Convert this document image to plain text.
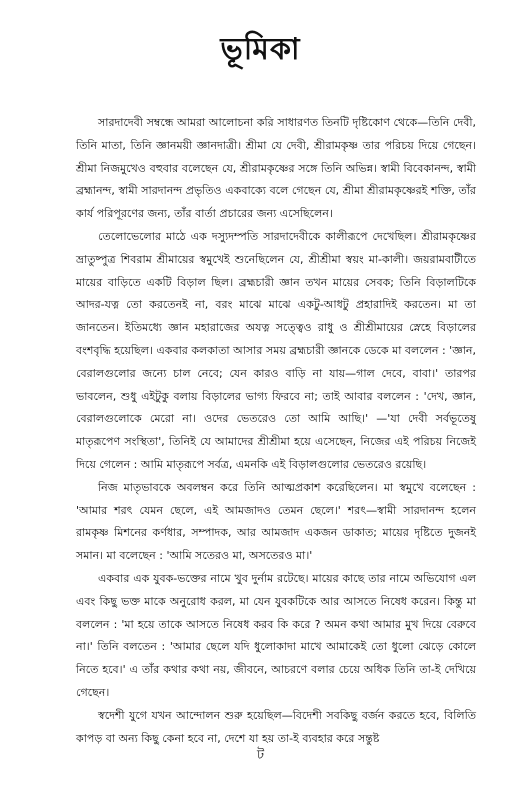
ভূমিকা

সারদাদেবী সম্বন্ধে আমরা আলোচনা করি সাধারণত তিনটি দৃষ্টিকোণ থেকে—তিনি দেবী, তিনি মাতা, তিনি জ্ঞানময়ী জ্ঞানদাত্রী। শ্রীমা যে দেবী, শ্রীরামকৃষ্ণ তার পরিচয় দিয়ে গেছেন। শ্রীমা নিজমুখেও বহুবার বলেছেন যে, শ্রীরামকৃষ্ণের সঙ্গে তিনি অভিন্ন। স্বামী বিবেকানন্দ, স্বামী ব্রহ্মানন্দ, স্বামী সারদানন্দ প্রভৃতিও একবাক্যে বলে গেছেন যে, শ্রীমা শ্রীরামকৃষ্ণেরই শক্তি, তাঁর কার্য পরিপূরণের জন্য, তাঁর বার্তা প্রচারের জন্য এসেছিলেন।

তেলোভেলোর মাঠে এক দস্যুদম্পতি সারদাদেবীকে কালীরূপে দেখেছিল। শ্রীরামকৃষ্ণের ভ্রাতুষ্পুত্র শিবরাম শ্রীমায়ের স্বমুখেই শুনেছিলেন যে, শ্রীশ্রীমা স্বয়ং মা-কালী। জয়রামবাটীতে মায়ের বাড়িতে একটি বিড়াল ছিল। ব্রহ্মচারী জ্ঞান তখন মায়ের সেবক; তিনি বিড়ালটিকে আদর-যত্ন তো করতেনই না, বরং মাঝে মাঝে একটু-আধটু প্রহারাদিই করতেন। মা তা জানতেন। ইতিমধ্যে জ্ঞান মহারাজের অযত্ন সত্ত্বেও রাধু ও শ্রীশ্রীমায়ের স্নেহে বিড়ালের বংশবৃদ্ধি হয়েছিল। একবার কলকাতা আসার সময় ব্রহ্মচারী জ্ঞানকে ডেকে মা বললেন : 'জ্ঞান, বেরালগুলোর জন্যে চাল নেবে; যেন কারও বাড়ি না যায়—গাল দেবে, বাবা।' তারপর ভাবলেন, শুধু এইটুকু বলায় বিড়ালের ভাগ্য ফিরবে না; তাই আবার বললেন : 'দেখ, জ্ঞান, বেরালগুলোকে মেরো না। ওদের ভেতরেও তো আমি আছি।' —'যা দেবী সর্বভূতেষু মাতৃরূপেণ সংস্থিতা', তিনিই যে আমাদের শ্রীশ্রীমা হয়ে এসেছেন, নিজের এই পরিচয় নিজেই দিয়ে গেলেন : আমি মাতৃরূপে সর্বত্র, এমনকি এই বিড়ালগুলোর ভেতরেও রয়েছি।

নিজ মাতৃভাবকে অবলম্বন করে তিনি আত্মপ্রকাশ করেছিলেন। মা স্বমুখে বলেছেন : 'আমার শরৎ যেমন ছেলে, এই আমজাদও তেমন ছেলে।' শরৎ—স্বামী সারদানন্দ হলেন রামকৃষ্ণ মিশনের কর্ণধার, সম্পাদক, আর আমজাদ একজন ডাকাত; মায়ের দৃষ্টিতে দুজনই সমান। মা বলেছেন : 'আমি সতেরও মা, অসতেরও মা।'

একবার এক যুবক-ভক্তের নামে খুব দুর্নাম রটেছে। মায়ের কাছে তার নামে অভিযোগ এল এবং কিছু ভক্ত মাকে অনুরোধ করল, মা যেন যুবকটিকে আর আসতে নিষেধ করেন। কিন্তু মা বললেন : 'মা হয়ে তাকে আসতে নিষেধ করব কি করে ? অমন কথা আমার মুখ দিয়ে বেরুবে না।' তিনি বলতেন : 'আমার ছেলে যদি ধুলোকাদা মাখে আমাকেই তো ধুলো ঝেড়ে কোলে নিতে হবে।' এ তাঁর কথার কথা নয়, জীবনে, আচরণে বলার চেয়ে অধিক তিনি তা-ই দেখিয়ে গেছেন।

স্বদেশী যুগে যখন আন্দোলন শুরু হয়েছিল—বিদেশী সবকিছু বর্জন করতে হবে, বিলিতি কাপড় বা অন্য কিছু কেনা হবে না, দেশে যা হয় তা-ই ব্যবহার করে সন্তুষ্ট

ট
